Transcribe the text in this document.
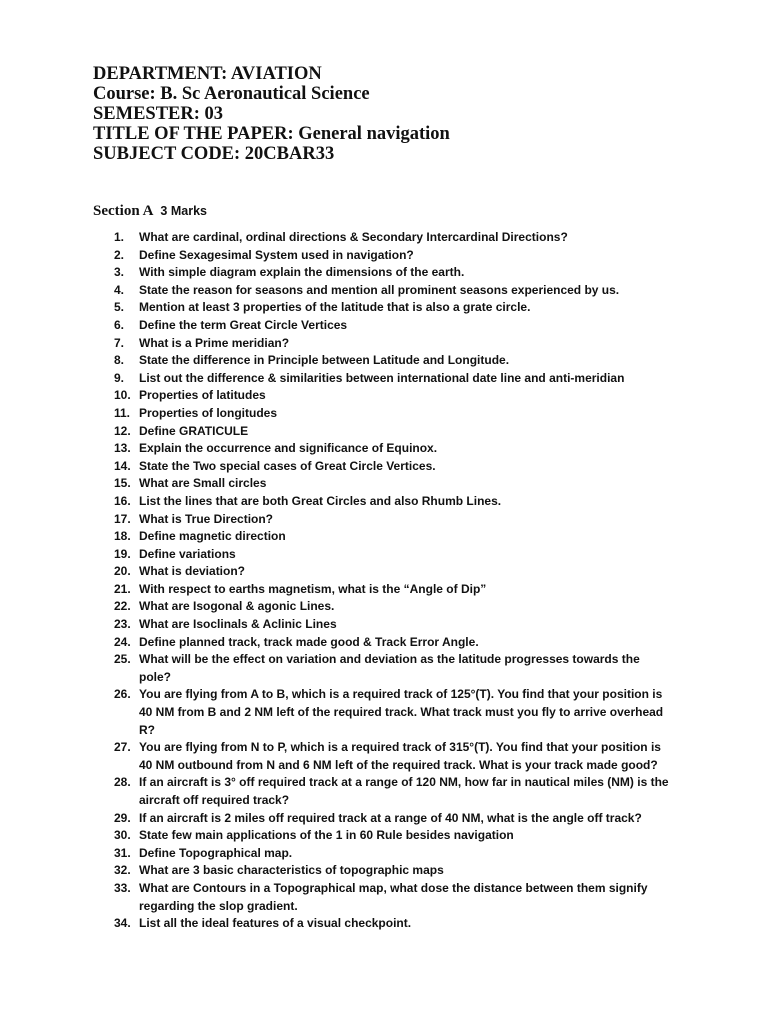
DEPARTMENT: AVIATION
Course: B. Sc Aeronautical Science
SEMESTER: 03
TITLE OF THE PAPER: General navigation
SUBJECT CODE: 20CBAR33
Section A 3 Marks
1.	What are cardinal, ordinal directions & Secondary Intercardinal Directions?
2.	Define Sexagesimal System used in navigation?
3.	With simple diagram explain the dimensions of the earth.
4.	State the reason for seasons and mention all prominent seasons experienced by us.
5.	Mention at least 3 properties of the latitude that is also a grate circle.
6.	Define the term Great Circle Vertices
7.	What is a Prime meridian?
8.	State the difference in Principle between Latitude and Longitude.
9.	List out the difference & similarities between international date line and anti-meridian
10. Properties of latitudes
11. Properties of longitudes
12. Define GRATICULE
13. Explain the occurrence and significance of Equinox.
14. State the Two special cases of Great Circle Vertices.
15. What are Small circles
16. List the lines that are both Great Circles and also Rhumb Lines.
17. What is True Direction?
18. Define magnetic direction
19. Define variations
20. What is deviation?
21. With respect to earths magnetism, what is the “Angle of Dip”
22. What are Isogonal & agonic Lines.
23. What are Isoclinals & Aclinic Lines
24. Define planned track, track made good & Track Error Angle.
25. What will be the effect on variation and deviation as the latitude progresses towards the pole?
26. You are flying from A to B, which is a required track of 125°(T). You find that your position is 40 NM from B and 2 NM left of the required track. What track must you fly to arrive overhead R?
27. You are flying from N to P, which is a required track of 315°(T). You find that your position is 40 NM outbound from N and 6 NM left of the required track. What is your track made good?
28. If an aircraft is 3° off required track at a range of 120 NM, how far in nautical miles (NM) is the aircraft off required track?
29. If an aircraft is 2 miles off required track at a range of 40 NM, what is the angle off track?
30. State few main applications of the 1 in 60 Rule besides navigation
31. Define Topographical map.
32. What are 3 basic characteristics of topographic maps
33. What are Contours in a Topographical map, what dose the distance between them signify regarding the slop gradient.
34. List all the ideal features of a visual checkpoint.
